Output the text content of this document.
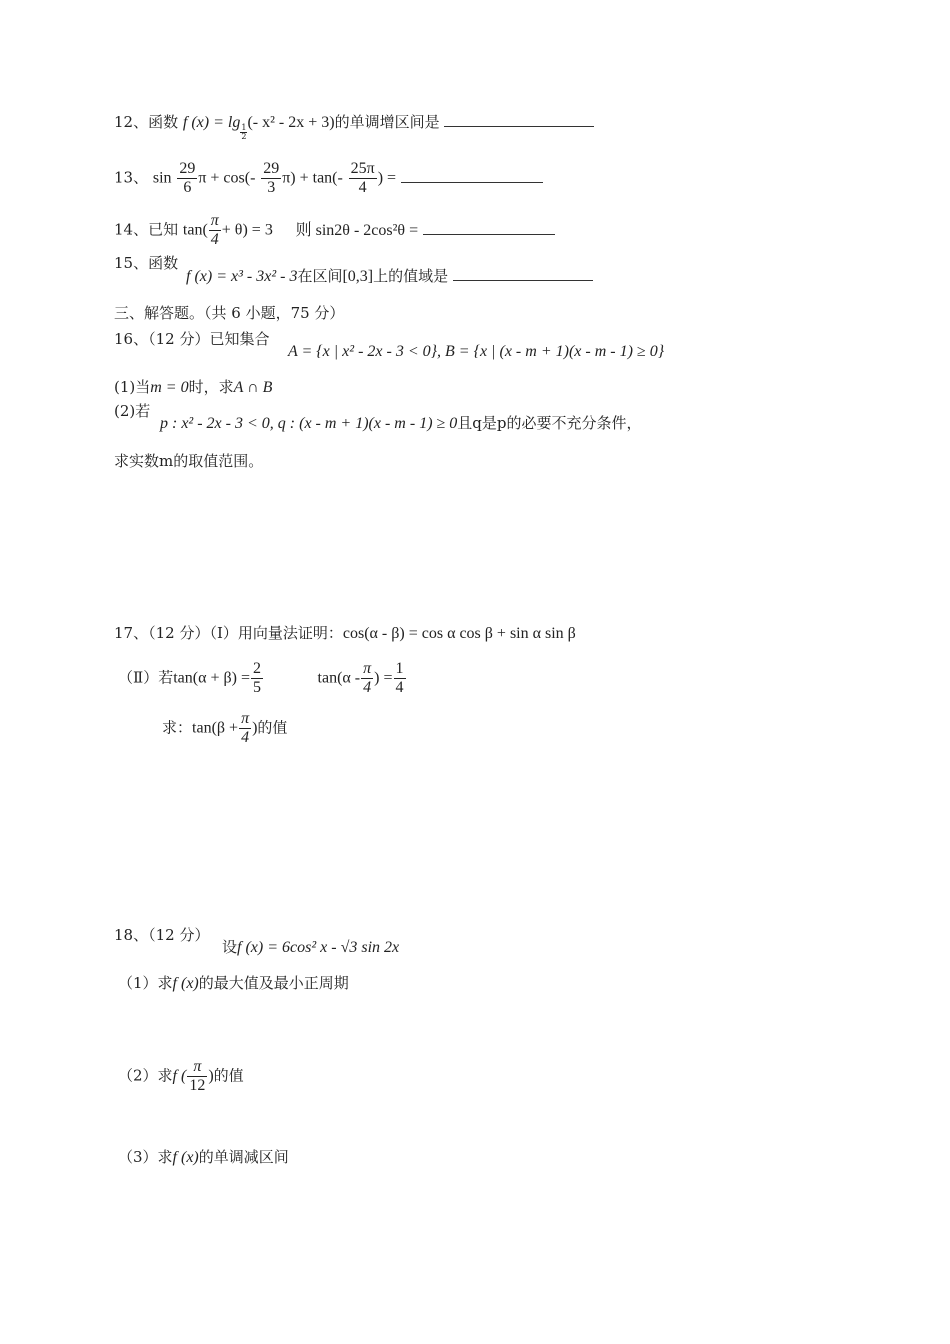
12、函数 f (x) = lg
$\frac{1}{2}(-$ x² - 2x + 3)的单调增区间是
13、 $\sin \frac{29}{6}$ $\pi + \cos(- \frac{29}{3} \pi) + \tan(- \frac{25\pi}{4}$ ) =
14、已知 $\tan( \frac{\pi}{4} + \theta) = 3$ 则 sin2θ - 2cos²θ =
15、函数
f (x) = x³ - 3x² - 3在区间[0,3]上的值域是
三、解答题。（共 6 小题，75 分）
16、（12 分）已知集合
A = {x | x² - 2x - 3 < 0}, B = {x | (x - m + 1)(x - m - 1) ≥ 0}
(1)当m = 0时，求A ∩ B
(2)若
p : x² - 2x - 3 < 0, q : (x - m + 1)(x - m - 1) ≥ 0且q是p的必要不充分条件，
求实数m的取值范围。
17、（12 分）（Ⅰ）用向量法证明：cos(α - β) = cos α cos β + sin α sin β
（Ⅱ）若$\tan(\alpha + \beta) = \frac{2}{5}$	$\tan(\alpha - \frac{\pi}{4}$ ) = $\frac{1}{4}$
求：$\tan(\beta + \frac{\pi}{4}$ )的值
18、（12 分）
设f (x) = 6cos² x - √3 sin 2x
（1）求f (x)的最大值及最小正周期
（2）求f ( $\frac{\pi}{12}$ )的值
（3）求f (x)的单调减区间
